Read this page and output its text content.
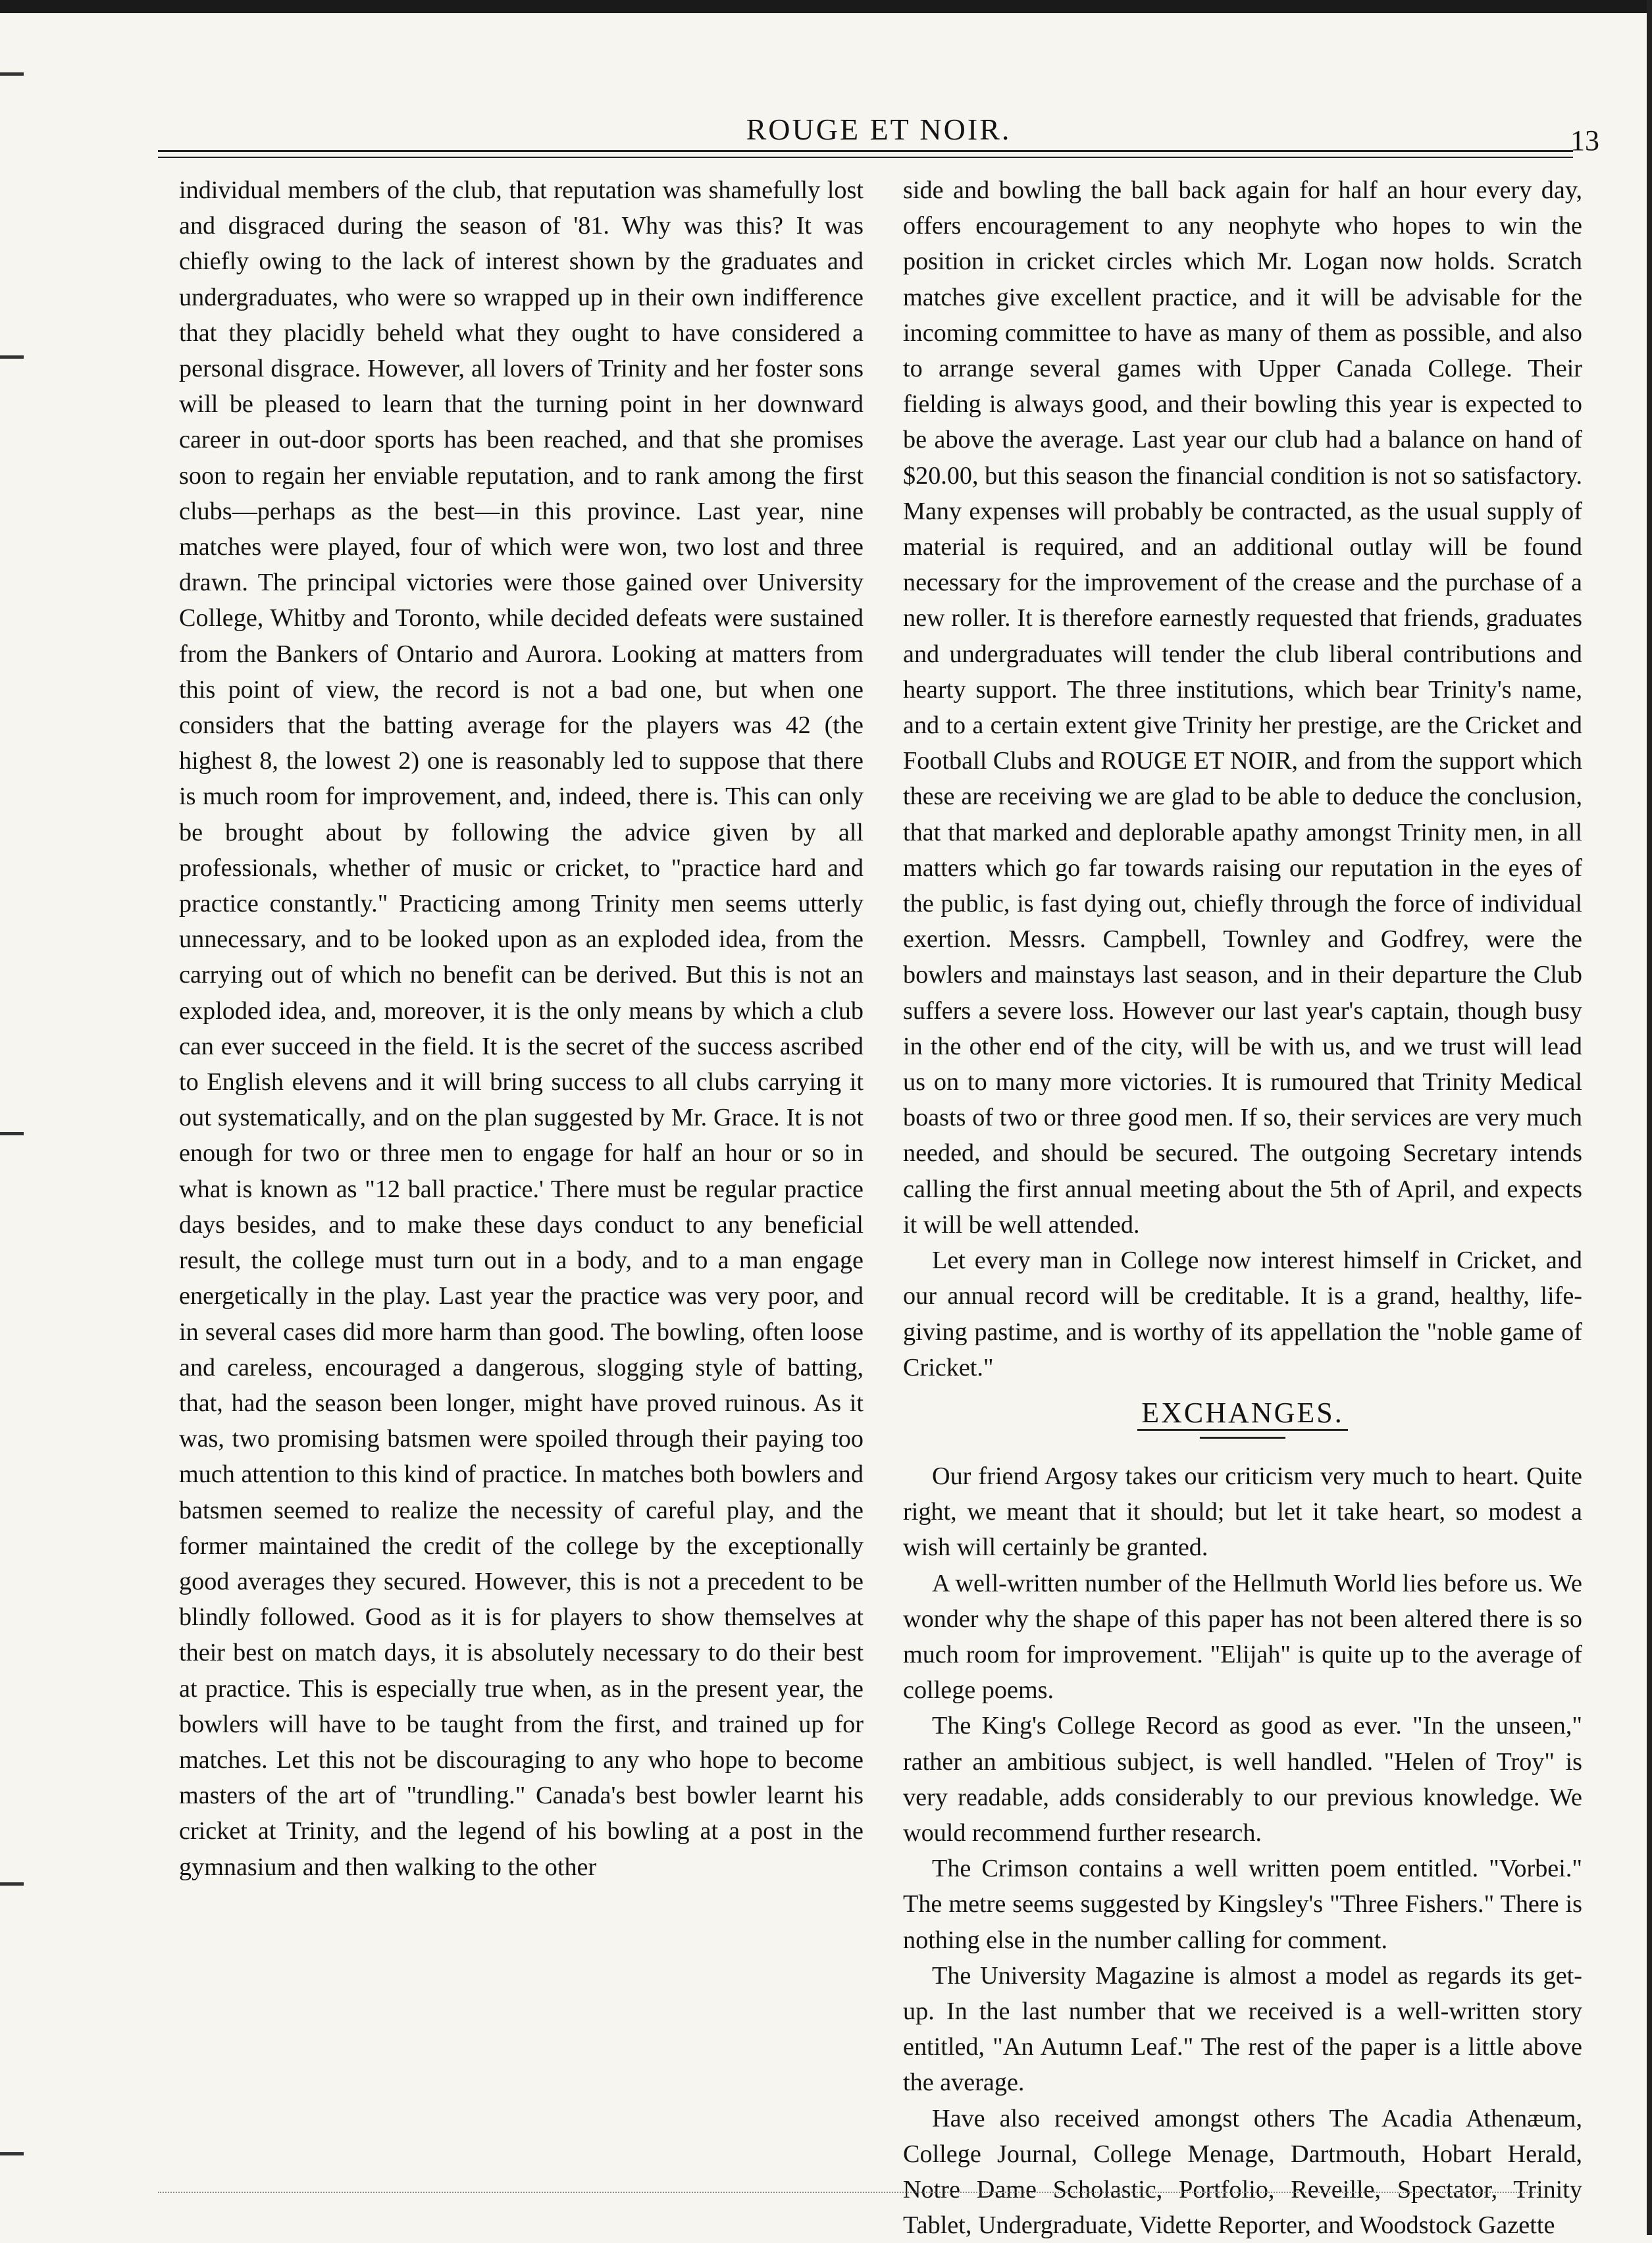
ROUGE ET NOIR.	13

individual members of the club, that reputation was shamefully lost and disgraced during the season of '81. Why was this? It was chiefly owing to the lack of interest shown by the graduates and undergraduates, who were so wrapped up in their own indifference that they placidly beheld what they ought to have considered a personal disgrace. However, all lovers of Trinity and her foster sons will be pleased to learn that the turning point in her downward career in out-door sports has been reached, and that she promises soon to regain her enviable reputation, and to rank among the first clubs—perhaps as the best—in this province. Last year, nine matches were played, four of which were won, two lost and three drawn. The principal victories were those gained over University College, Whitby and Toronto, while decided defeats were sustained from the Bankers of Ontario and Aurora. Looking at matters from this point of view, the record is not a bad one, but when one considers that the batting average for the players was 42 (the highest 8, the lowest 2) one is reasonably led to suppose that there is much room for improvement, and, indeed, there is. This can only be brought about by following the advice given by all professionals, whether of music or cricket, to "practice hard and practice constantly." Practicing among Trinity men seems utterly unnecessary, and to be looked upon as an exploded idea, from the carrying out of which no benefit can be derived. But this is not an exploded idea, and, moreover, it is the only means by which a club can ever succeed in the field. It is the secret of the success ascribed to English elevens and it will bring success to all clubs carrying it out systematically, and on the plan suggested by Mr. Grace. It is not enough for two or three men to engage for half an hour or so in what is known as "12 ball practice.' There must be regular practice days besides, and to make these days conduct to any beneficial result, the college must turn out in a body, and to a man engage energetically in the play. Last year the practice was very poor, and in several cases did more harm than good. The bowling, often loose and careless, encouraged a dangerous, slogging style of batting, that, had the season been longer, might have proved ruinous. As it was, two promising batsmen were spoiled through their paying too much attention to this kind of practice. In matches both bowlers and batsmen seemed to realize the necessity of careful play, and the former maintained the credit of the college by the exceptionally good averages they secured. However, this is not a precedent to be blindly followed. Good as it is for players to show themselves at their best on match days, it is absolutely necessary to do their best at practice. This is especially true when, as in the present year, the bowlers will have to be taught from the first, and trained up for matches. Let this not be discouraging to any who hope to become masters of the art of "trundling." Canada's best bowler learnt his cricket at Trinity, and the legend of his bowling at a post in the gymnasium and then walking to the other

side and bowling the ball back again for half an hour every day, offers encouragement to any neophyte who hopes to win the position in cricket circles which Mr. Logan now holds. Scratch matches give excellent practice, and it will be advisable for the incoming committee to have as many of them as possible, and also to arrange several games with Upper Canada College. Their fielding is always good, and their bowling this year is expected to be above the average. Last year our club had a balance on hand of $20.00, but this season the financial condition is not so satisfactory. Many expenses will probably be contracted, as the usual supply of material is required, and an additional outlay will be found necessary for the improvement of the crease and the purchase of a new roller. It is therefore earnestly requested that friends, graduates and undergraduates will tender the club liberal contributions and hearty support. The three institutions, which bear Trinity's name, and to a certain extent give Trinity her prestige, are the Cricket and Football Clubs and ROUGE ET NOIR, and from the support which these are receiving we are glad to be able to deduce the conclusion, that that marked and deplorable apathy amongst Trinity men, in all matters which go far towards raising our reputation in the eyes of the public, is fast dying out, chiefly through the force of individual exertion. Messrs. Campbell, Townley and Godfrey, were the bowlers and mainstays last season, and in their departure the Club suffers a severe loss. However our last year's captain, though busy in the other end of the city, will be with us, and we trust will lead us on to many more victories. It is rumoured that Trinity Medical boasts of two or three good men. If so, their services are very much needed, and should be secured. The outgoing Secretary intends calling the first annual meeting about the 5th of April, and expects it will be well attended.

Let every man in College now interest himself in Cricket, and our annual record will be creditable. It is a grand, healthy, life-giving pastime, and is worthy of its appellation the "noble game of Cricket."

EXCHANGES.

Our friend Argosy takes our criticism very much to heart. Quite right, we meant that it should; but let it take heart, so modest a wish will certainly be granted.

A well-written number of the Hellmuth World lies before us. We wonder why the shape of this paper has not been altered there is so much room for improvement. "Elijah" is quite up to the average of college poems.

The King's College Record as good as ever. "In the unseen," rather an ambitious subject, is well handled. "Helen of Troy" is very readable, adds considerably to our previous knowledge. We would recommend further research.

The Crimson contains a well written poem entitled. "Vorbei." The metre seems suggested by Kingsley's "Three Fishers." There is nothing else in the number calling for comment.

The University Magazine is almost a model as regards its get-up. In the last number that we received is a well-written story entitled, "An Autumn Leaf." The rest of the paper is a little above the average.

Have also received amongst others The Acadia Athenæum, College Journal, College Menage, Dartmouth, Hobart Herald, Notre Dame Scholastic, Portfolio, Reveille, Spectator, Trinity Tablet, Undergraduate, Vidette Reporter, and Woodstock Gazette
